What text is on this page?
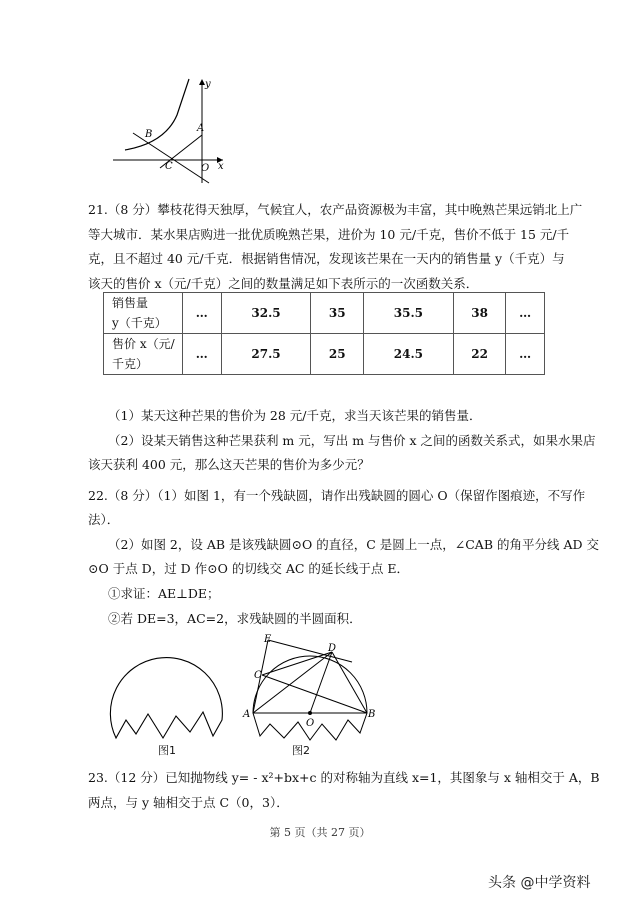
y
x
A
B
C	O
21.（8 分）攀枝花得天独厚，气候宜人，农产品资源极为丰富，其中晚熟芒果远销北上广
等大城市．某水果店购进一批优质晚熟芒果，进价为 10 元/千克，售价不低于 15 元/千
克，且不超过 40 元/千克．根据销售情况，发现该芒果在一天内的销售量 y（千克）与
该天的售价 x（元/千克）之间的数量满足如下表所示的一次函数关系．
销售量
y（千克）	…	32.5	35	35.5	38	…

售价 x（元/
千克）	…	27.5	25	24.5	22	…
（1）某天这种芒果的售价为 28 元/千克，求当天该芒果的销售量．
（2）设某天销售这种芒果获利 m 元，写出 m 与售价 x 之间的函数关系式，如果水果店
该天获利 400 元，那么这天芒果的售价为多少元？
22.（8 分）（1）如图 1，有一个残缺圆，请作出残缺圆的圆心 O（保留作图痕迹，不写作
法）．
（2）如图 2，设 AB 是该残缺圆⊙O 的直径，C 是圆上一点，∠CAB 的角平分线 AD 交
⊙O 于点 D，过 D 作⊙O 的切线交 AC 的延长线于点 E．
①求证：AE⊥DE；
②若 DE=3，AC=2，求残缺圆的半圆面积．
图1
E
D
C
A
O
B
图2
23.（12 分）已知抛物线 y= - x²+bx+c 的对称轴为直线 x=1，其图象与 x 轴相交于 A，B
两点，与 y 轴相交于点 C（0，3）．
第 5 页（共 27 页）
头条 @中学资料
